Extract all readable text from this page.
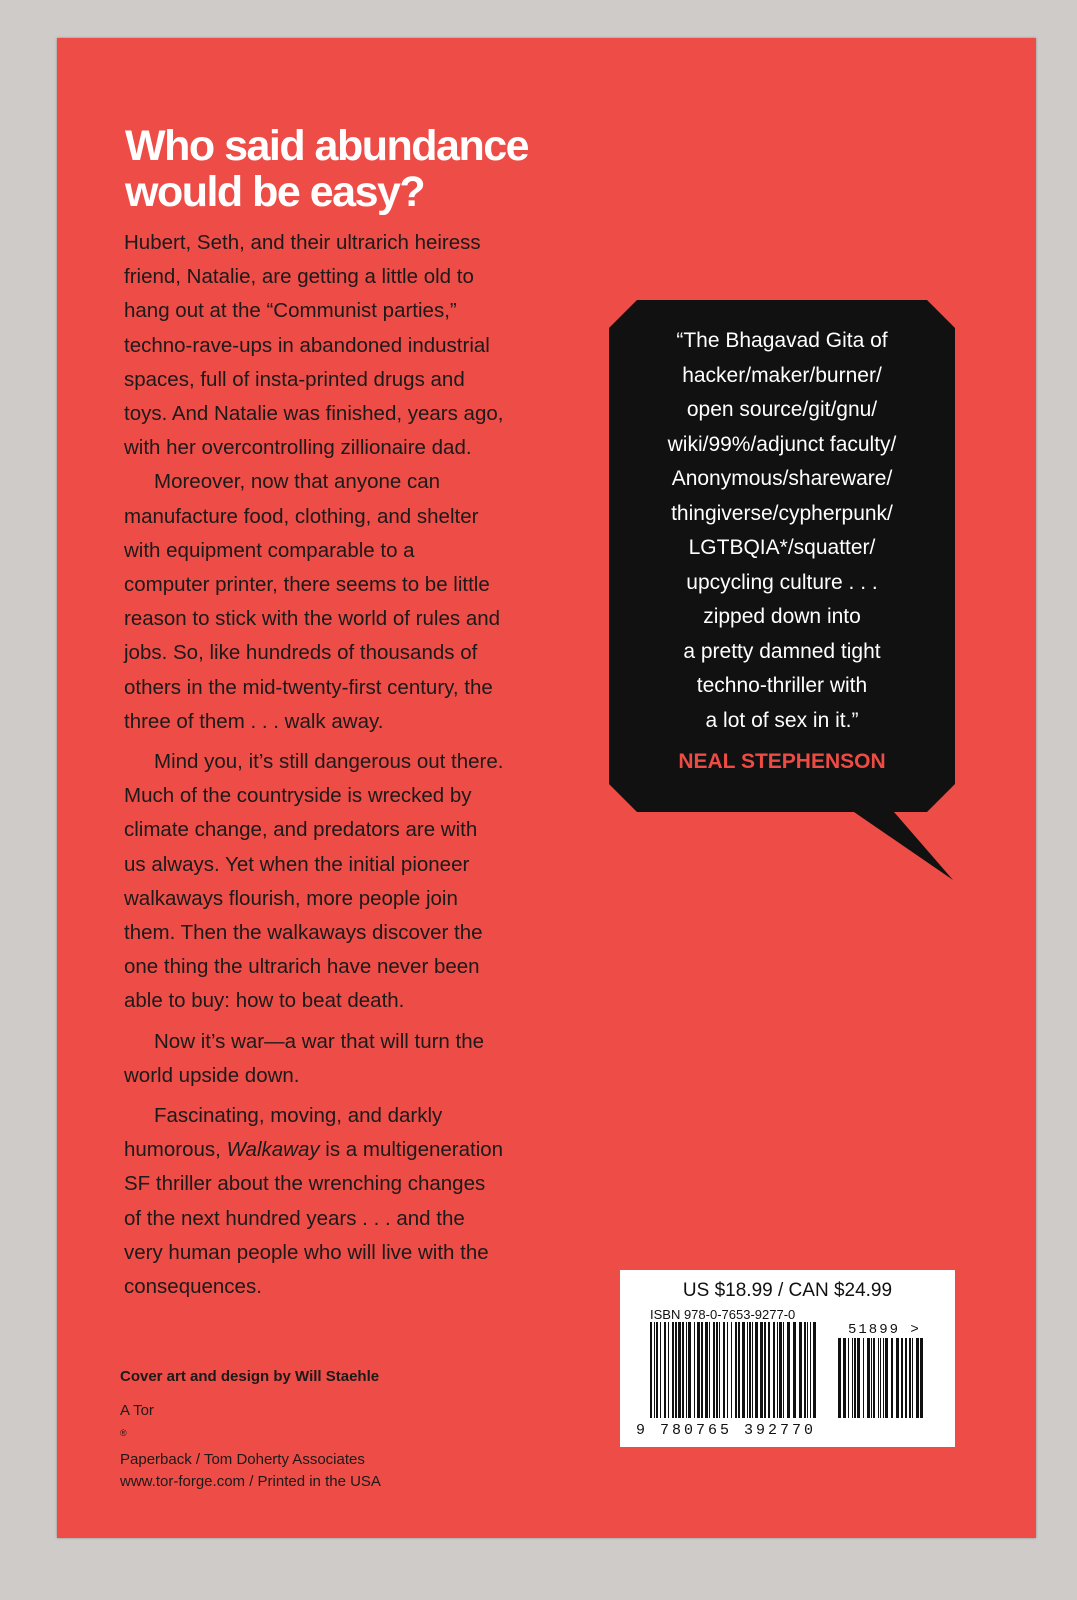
Who said abundance
would be easy?

Hubert, Seth, and their ultrarich heiress
friend, Natalie, are getting a little old to
hang out at the “Communist parties,”
techno-rave-ups in abandoned industrial
spaces, full of insta-printed drugs and
toys. And Natalie was finished, years ago,
with her overcontrolling zillionaire dad.

Moreover, now that anyone can
manufacture food, clothing, and shelter
with equipment comparable to a
computer printer, there seems to be little
reason to stick with the world of rules and
jobs. So, like hundreds of thousands of
others in the mid-twenty-first century, the
three of them . . . walk away.

Mind you, it’s still dangerous out there.
Much of the countryside is wrecked by
climate change, and predators are with
us always. Yet when the initial pioneer
walkaways flourish, more people join
them. Then the walkaways discover the
one thing the ultrarich have never been
able to buy: how to beat death.

Now it’s war—a war that will turn the
world upside down.

Fascinating, moving, and darkly
humorous, Walkaway is a multigeneration
SF thriller about the wrenching changes
of the next hundred years . . . and the
very human people who will live with the
consequences.

Cover art and design by Will Staehle
A Tor
®
Paperback / Tom Doherty Associates
www.tor-forge.com / Printed in the USA
“The Bhagavad Gita of
hacker/maker/burner/
open source/git/gnu/
wiki/99%/adjunct faculty/
Anonymous/shareware/
thingiverse/cypherpunk/
LGTBQIA*/squatter/
upcycling culture . . .
zipped down into
a pretty damned tight
techno-thriller with
a lot of sex in it.”
NEAL STEPHENSON
US $18.99 / CAN $24.99
ISBN 978-0-7653-9277-0
51899 >
9 780765 392770
